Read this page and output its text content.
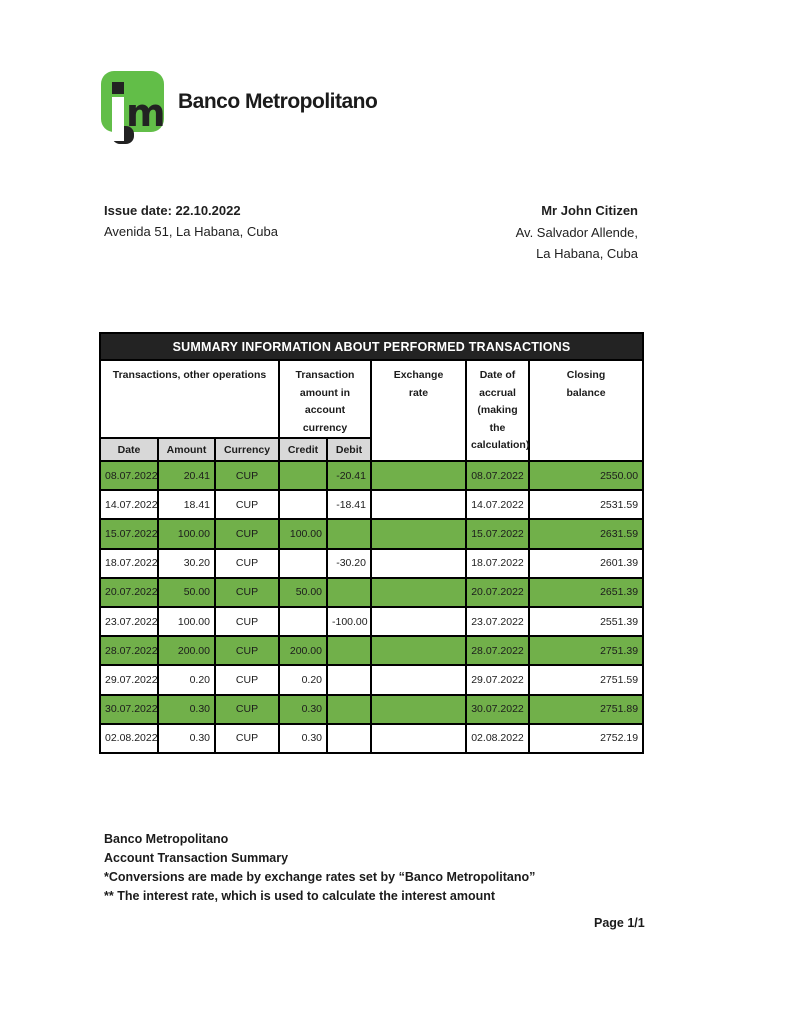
m Banco Metropolitano
Issue date: 22.10.2022
Avenida 51, La Habana, Cuba
Mr John Citizen
Av. Salvador Allende,
La Habana, Cuba
SUMMARY INFORMATION ABOUT PERFORMED TRANSACTIONS							

Transactions, other operations			Transaction amount in account currency		Exchange rate	Date of accrual (making the calculation)	Closing balance

Date	Amount	Currency	Credit	Debit			
08.07.2022	20.41	CUP		-20.41		08.07.2022	2550.00
14.07.2022	18.41	CUP		-18.41		14.07.2022	2531.59
15.07.2022	100.00	CUP	100.00			15.07.2022	2631.59
18.07.2022	30.20	CUP		-30.20		18.07.2022	2601.39
20.07.2022	50.00	CUP	50.00			20.07.2022	2651.39
23.07.2022	100.00	CUP		-100.00		23.07.2022	2551.39
28.07.2022	200.00	CUP	200.00			28.07.2022	2751.39
29.07.2022	0.20	CUP	0.20			29.07.2022	2751.59
30.07.2022	0.30	CUP	0.30			30.07.2022	2751.89
02.08.2022	0.30	CUP	0.30			02.08.2022	2752.19
Banco Metropolitano
Account Transaction Summary
*Conversions are made by exchange rates set by “Banco Metropolitano”
** The interest rate, which is used to calculate the interest amount
Page 1/1
